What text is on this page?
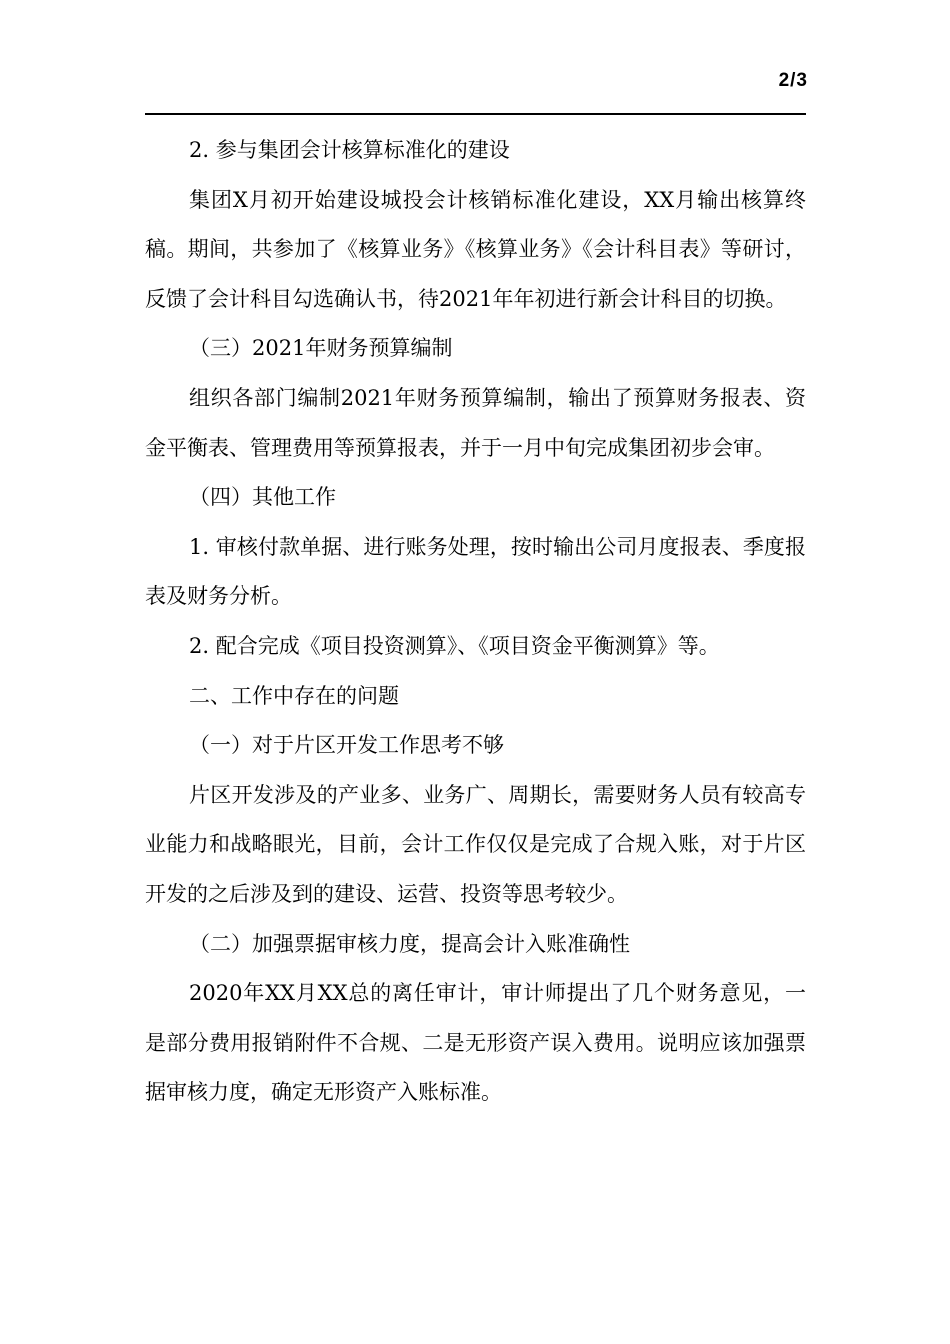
2/3

2. 参与集团会计核算标准化的建设

集团X月初开始建设城投会计核销标准化建设，XX月输出核算终稿。期间，共参加了《核算业务》《核算业务》《会计科目表》等研讨，反馈了会计科目勾选确认书，待2021年年初进行新会计科目的切换。

（三）2021年财务预算编制

组织各部门编制2021年财务预算编制，输出了预算财务报表、资金平衡表、管理费用等预算报表，并于一月中旬完成集团初步会审。

（四）其他工作

1. 审核付款单据、进行账务处理，按时输出公司月度报表、季度报表及财务分析。

2. 配合完成《项目投资测算》、《项目资金平衡测算》等。

二、工作中存在的问题

（一）对于片区开发工作思考不够

片区开发涉及的产业多、业务广、周期长，需要财务人员有较高专业能力和战略眼光，目前，会计工作仅仅是完成了合规入账，对于片区开发的之后涉及到的建设、运营、投资等思考较少。

（二）加强票据审核力度，提高会计入账准确性

2020年XX月XX总的离任审计，审计师提出了几个财务意见，一是部分费用报销附件不合规、二是无形资产误入费用。说明应该加强票据审核力度，确定无形资产入账标准。
